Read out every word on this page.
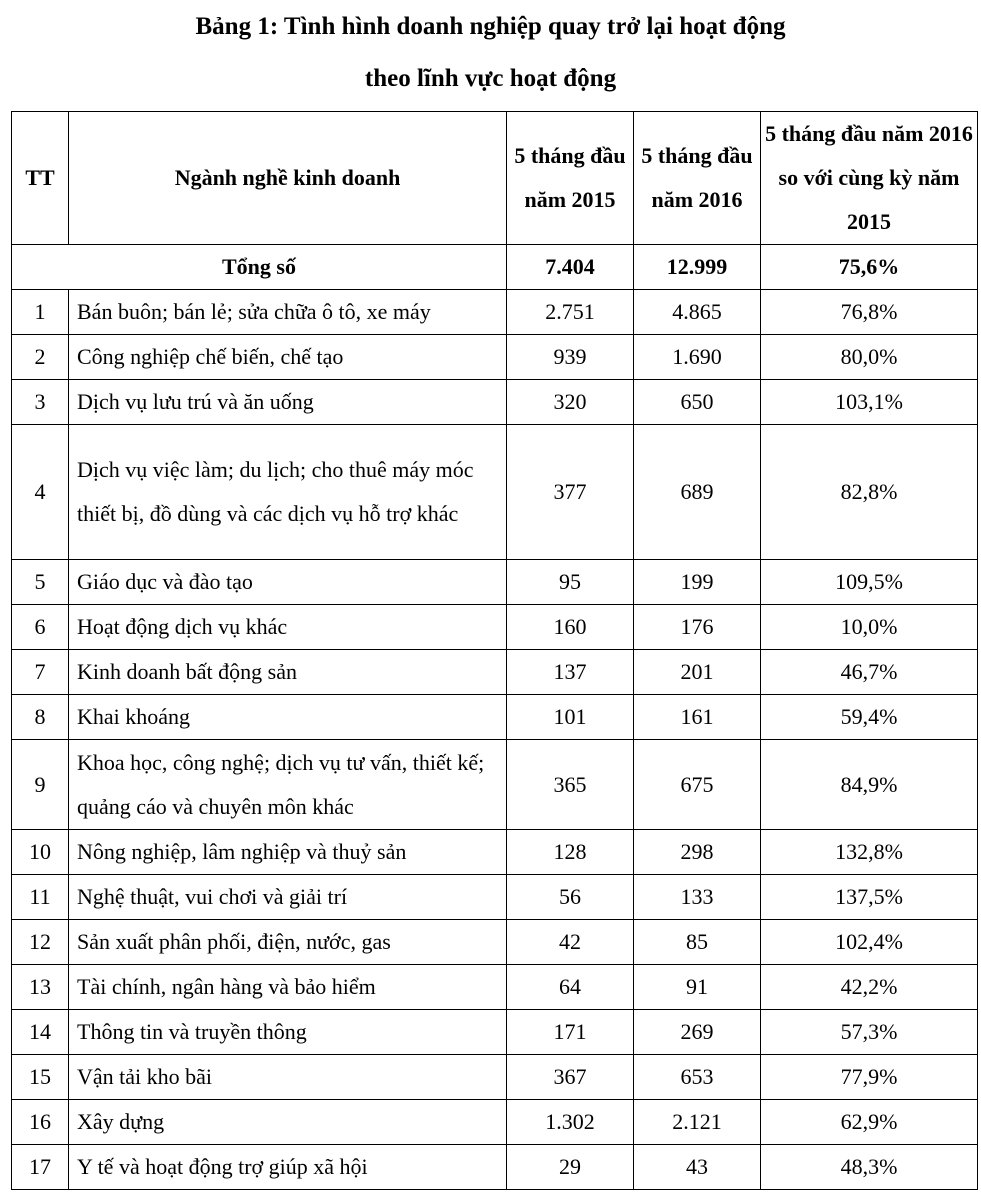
Bảng 1: Tình hình doanh nghiệp quay trở lại hoạt động
theo lĩnh vực hoạt động
TT	Ngành nghề kinh doanh	5 tháng đầu năm 2015	5 tháng đầu năm 2016	5 tháng đầu năm 2016 so với cùng kỳ năm 2015
Tổng số		7.404	12.999	75,6%
1	Bán buôn; bán lẻ; sửa chữa ô tô, xe máy	2.751	4.865	76,8%
2	Công nghiệp chế biến, chế tạo	939	1.690	80,0%
3	Dịch vụ lưu trú và ăn uống	320	650	103,1%
4	Dịch vụ việc làm; du lịch; cho thuê máy móc thiết bị, đồ dùng và các dịch vụ hỗ trợ khác	377	689	82,8%
5	Giáo dục và đào tạo	95	199	109,5%
6	Hoạt động dịch vụ khác	160	176	10,0%
7	Kinh doanh bất động sản	137	201	46,7%
8	Khai khoáng	101	161	59,4%
9	Khoa học, công nghệ; dịch vụ tư vấn, thiết kế; quảng cáo và chuyên môn khác	365	675	84,9%
10	Nông nghiệp, lâm nghiệp và thuỷ sản	128	298	132,8%
11	Nghệ thuật, vui chơi và giải trí	56	133	137,5%
12	Sản xuất phân phối, điện, nước, gas	42	85	102,4%
13	Tài chính, ngân hàng và bảo hiểm	64	91	42,2%
14	Thông tin và truyền thông	171	269	57,3%
15	Vận tải kho bãi	367	653	77,9%
16	Xây dựng	1.302	2.121	62,9%
17	Y tế và hoạt động trợ giúp xã hội	29	43	48,3%
